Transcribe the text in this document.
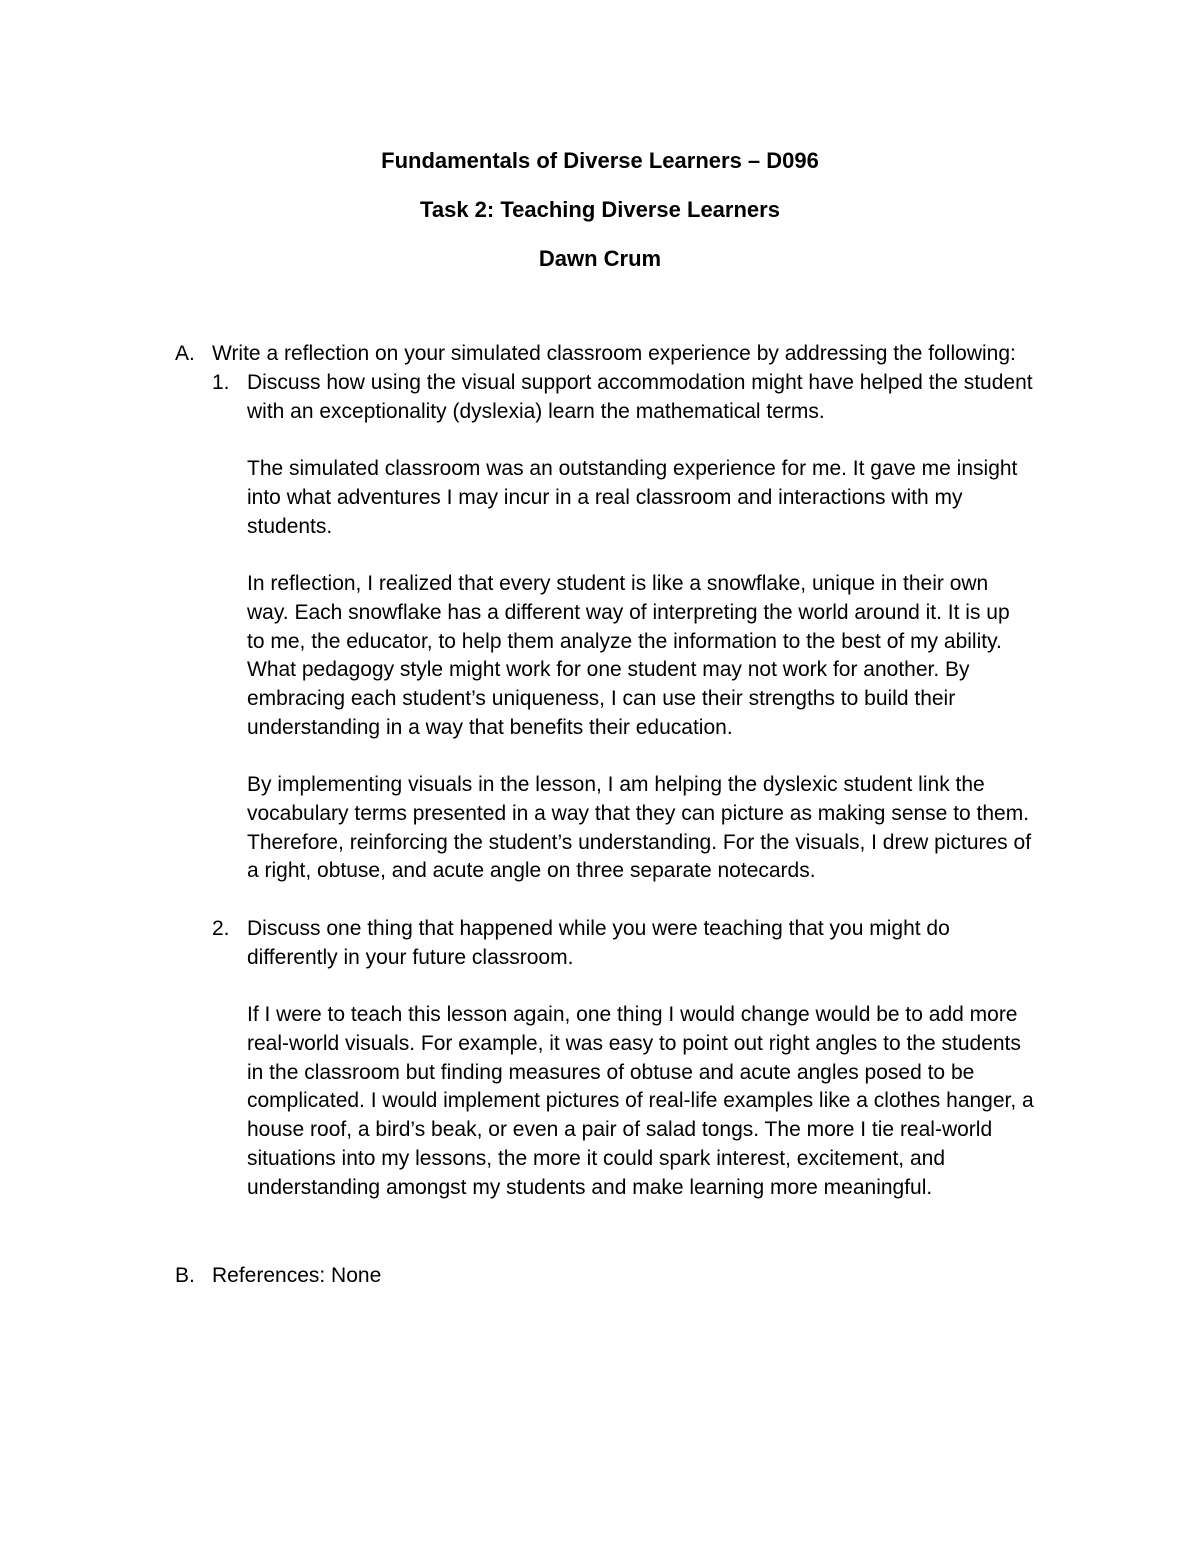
Fundamentals of Diverse Learners – D096
Task 2: Teaching Diverse Learners
Dawn Crum
A. Write a reflection on your simulated classroom experience by addressing the following:
1. Discuss how using the visual support accommodation might have helped the student
with an exceptionality (dyslexia) learn the mathematical terms.
The simulated classroom was an outstanding experience for me. It gave me insight
into what adventures I may incur in a real classroom and interactions with my
students.
In reflection, I realized that every student is like a snowflake, unique in their own
way. Each snowflake has a different way of interpreting the world around it. It is up
to me, the educator, to help them analyze the information to the best of my ability.
What pedagogy style might work for one student may not work for another. By
embracing each student’s uniqueness, I can use their strengths to build their
understanding in a way that benefits their education.
By implementing visuals in the lesson, I am helping the dyslexic student link the
vocabulary terms presented in a way that they can picture as making sense to them.
Therefore, reinforcing the student’s understanding. For the visuals, I drew pictures of
a right, obtuse, and acute angle on three separate notecards.
2. Discuss one thing that happened while you were teaching that you might do
differently in your future classroom.
If I were to teach this lesson again, one thing I would change would be to add more
real-world visuals. For example, it was easy to point out right angles to the students
in the classroom but finding measures of obtuse and acute angles posed to be
complicated. I would implement pictures of real-life examples like a clothes hanger, a
house roof, a bird’s beak, or even a pair of salad tongs. The more I tie real-world
situations into my lessons, the more it could spark interest, excitement, and
understanding amongst my students and make learning more meaningful.
B. References: None
